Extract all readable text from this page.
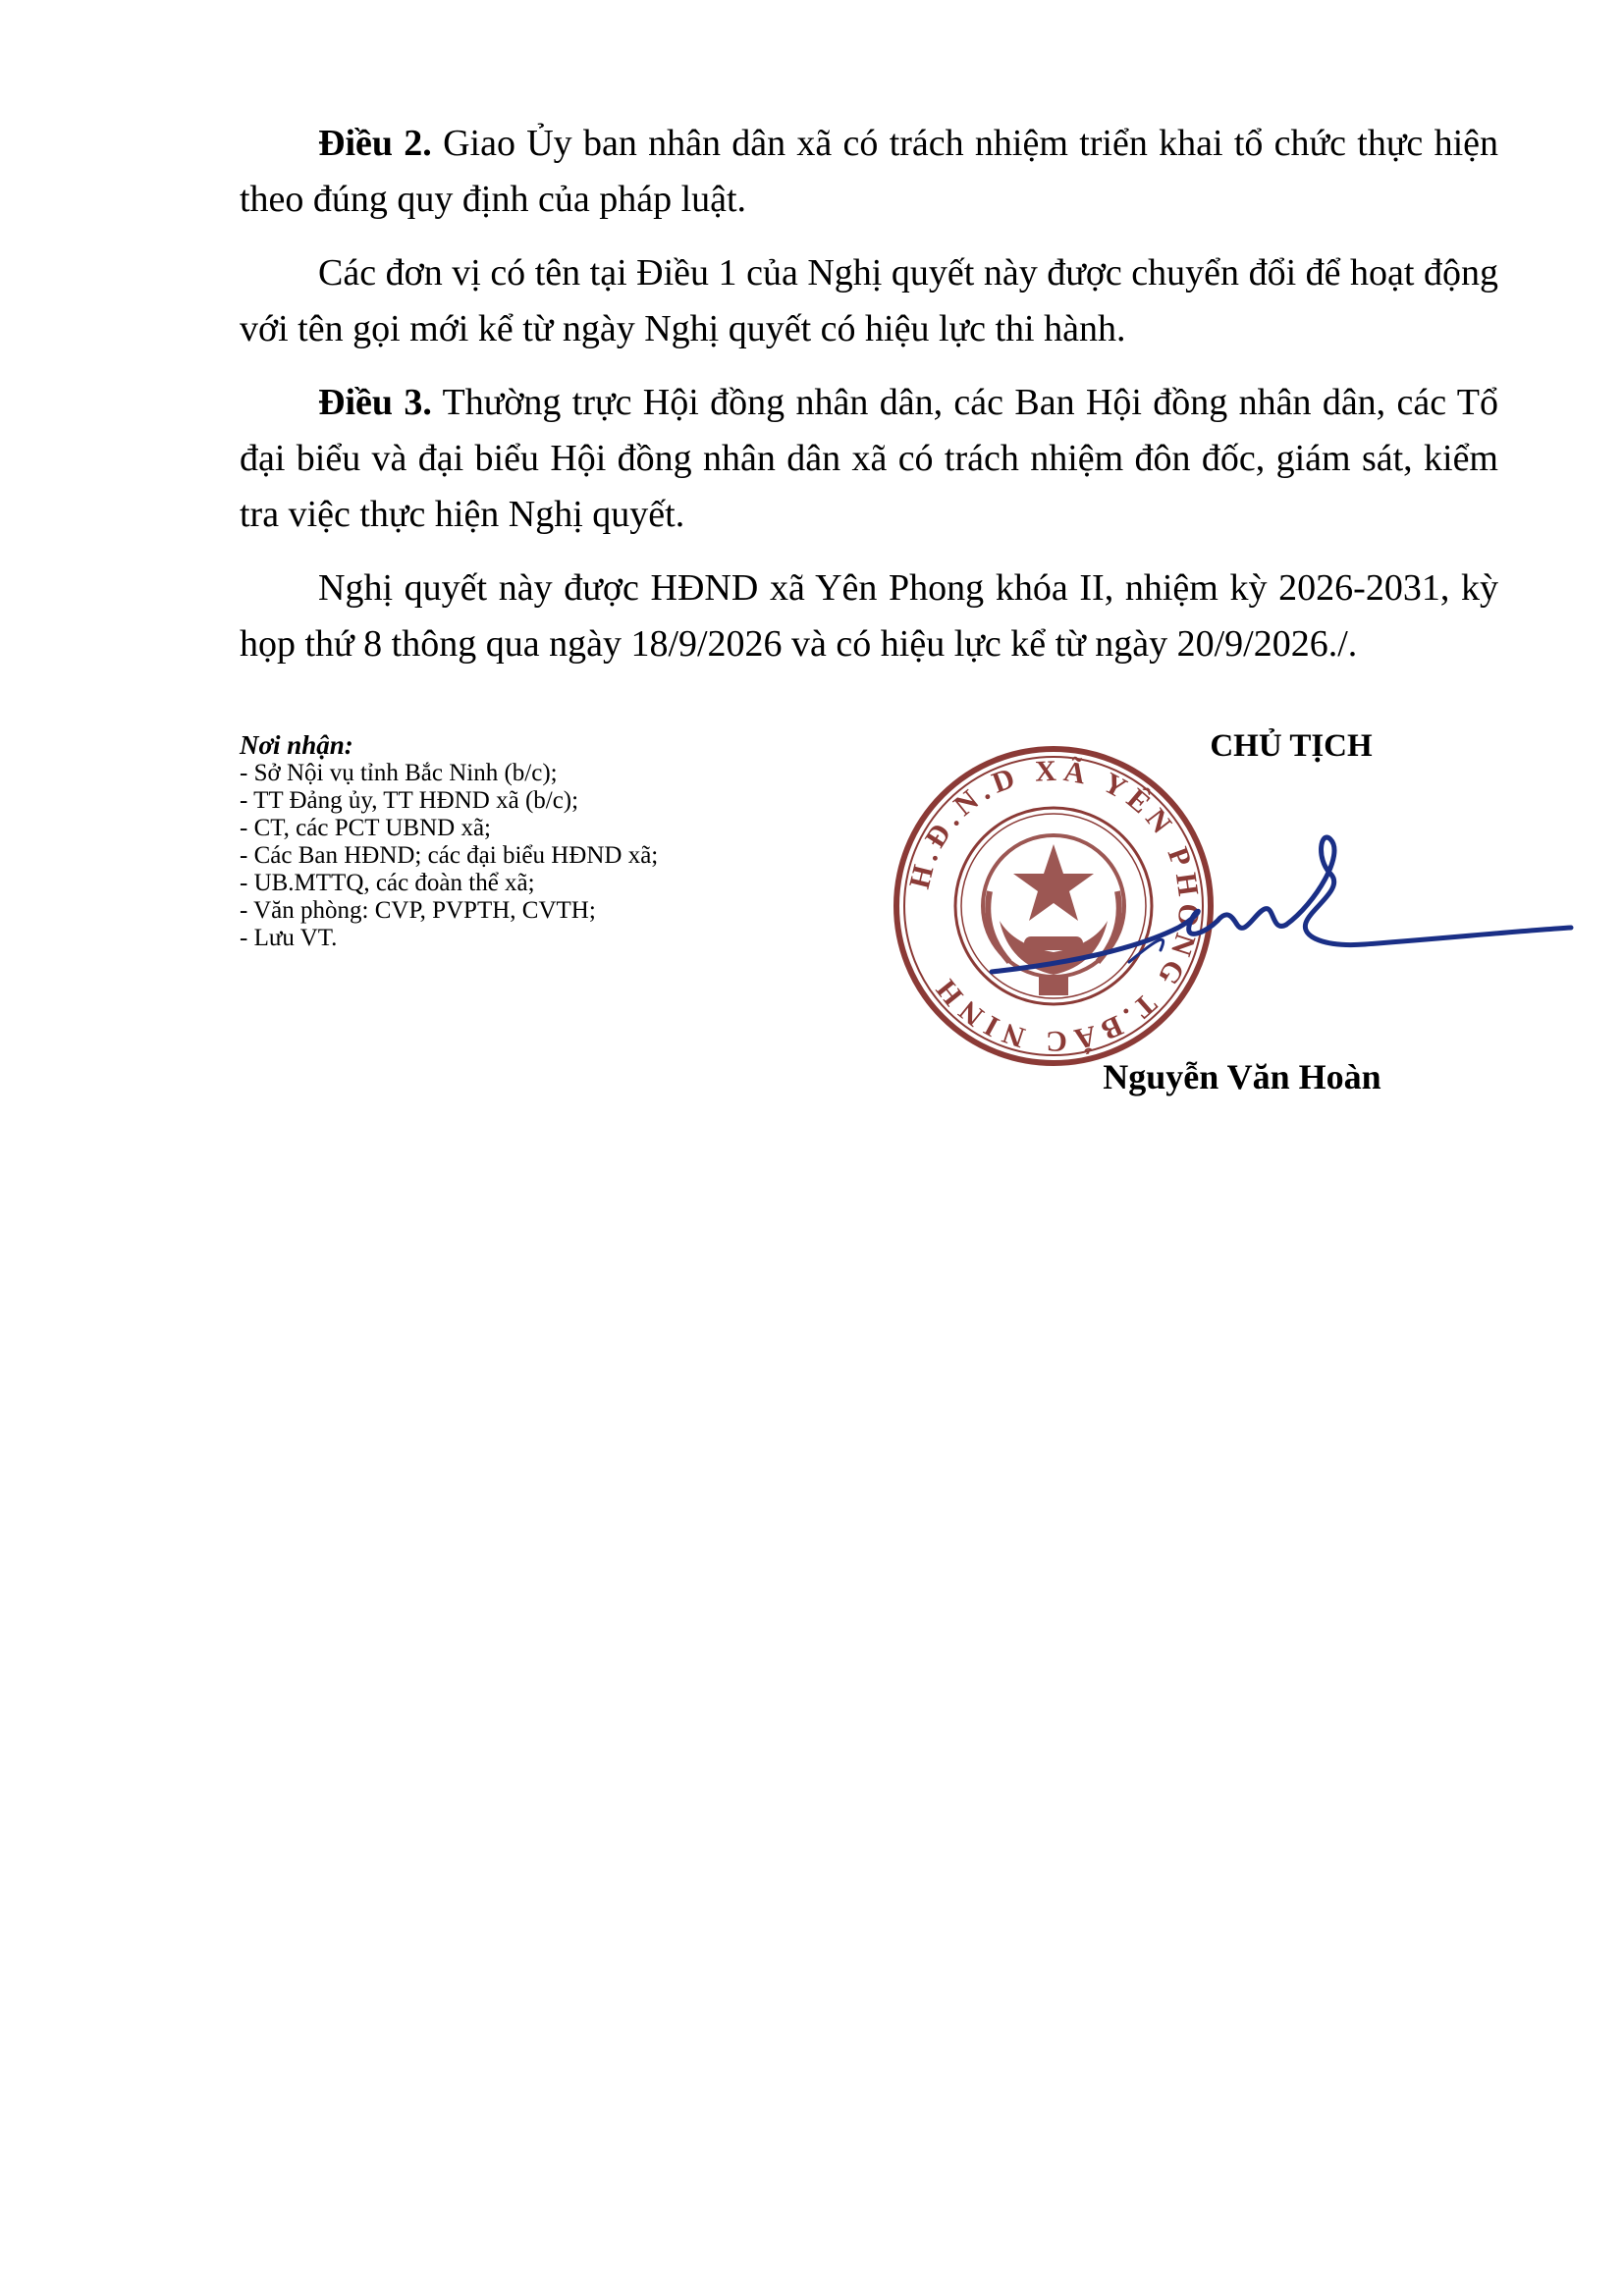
Điều 2. Giao Ủy ban nhân dân xã có trách nhiệm triển khai tổ chức thực hiện theo đúng quy định của pháp luật.

Các đơn vị có tên tại Điều 1 của Nghị quyết này được chuyển đổi để hoạt động với tên gọi mới kể từ ngày Nghị quyết có hiệu lực thi hành.

Điều 3. Thường trực Hội đồng nhân dân, các Ban Hội đồng nhân dân, các Tổ đại biểu và đại biểu Hội đồng nhân dân xã có trách nhiệm đôn đốc, giám sát, kiểm tra việc thực hiện Nghị quyết.

Nghị quyết này được HĐND xã Yên Phong khóa II, nhiệm kỳ 2026-2031, kỳ họp thứ 8 thông qua ngày 18/9/2026 và có hiệu lực kể từ ngày 20/9/2026./.

Nơi nhận:
- Sở Nội vụ tỉnh Bắc Ninh (b/c);
- TT Đảng ủy, TT HĐND xã (b/c);
- CT, các PCT UBND xã;
- Các Ban HĐND; các đại biểu HĐND xã;
- UB.MTTQ, các đoàn thể xã;
- Văn phòng: CVP, PVPTH, CVTH;
- Lưu VT.
CHỦ TỊCH
H.Đ.N.D XÃ YÊN PHONG T.BẮC NINH
Nguyễn Văn Hoàn
